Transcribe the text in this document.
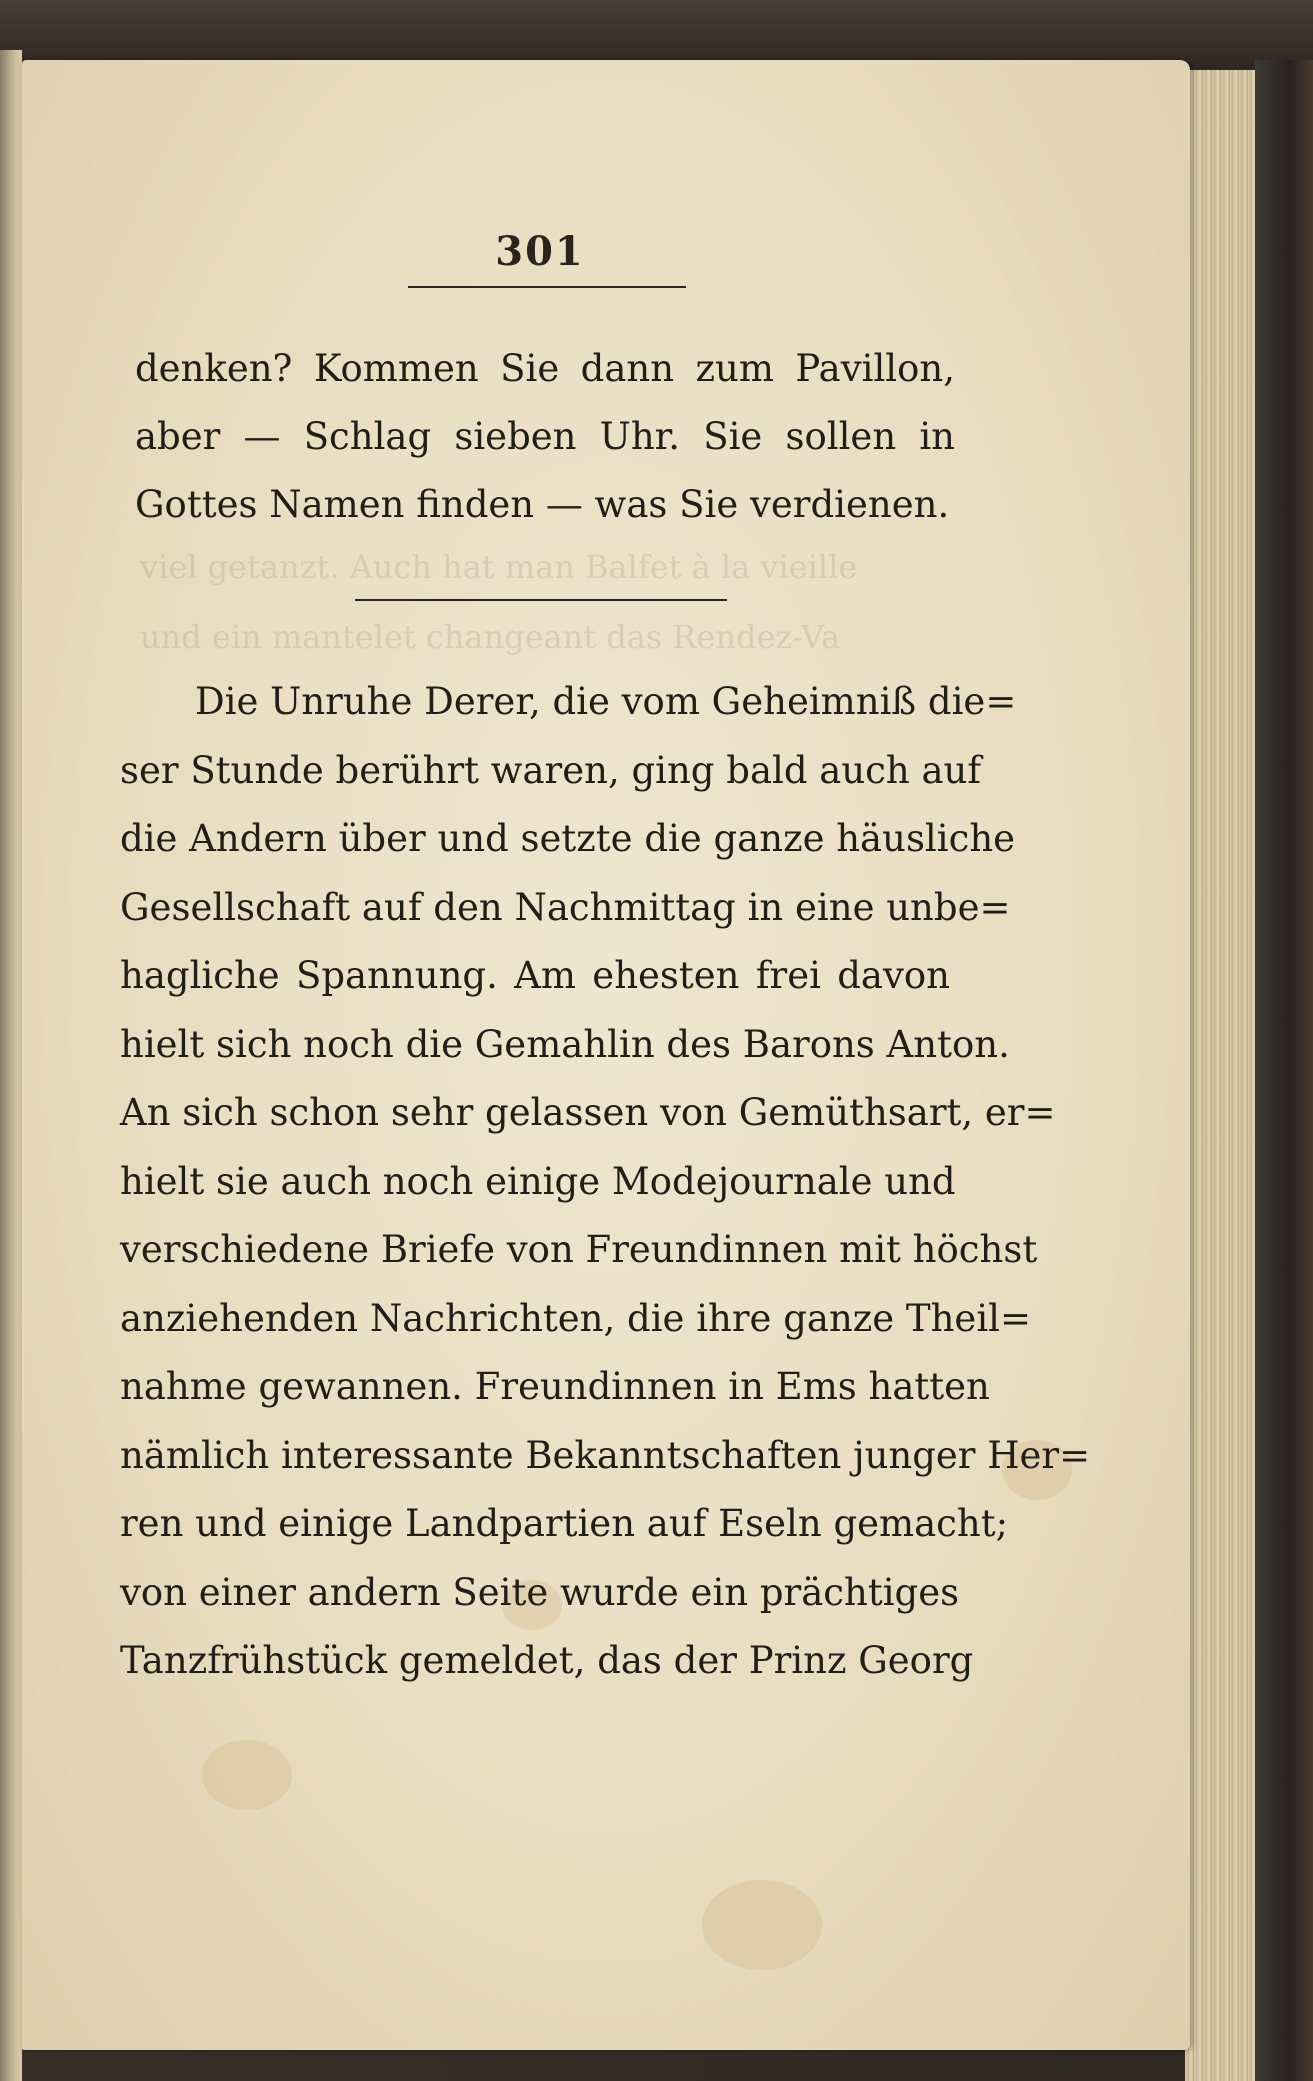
viel getanzt. Auch hat man Balfet à la vieille
und ein mantelet changeant das Rendez-Va
301
denken? Kommen Sie dann zum Pavillon,
aber — Schlag sieben Uhr. Sie sollen in
Gottes Namen finden — was Sie verdienen.
Die Unruhe Derer, die vom Geheimniß die=
ser Stunde berührt waren, ging bald auch auf
die Andern über und setzte die ganze häusliche
Gesellschaft auf den Nachmittag in eine unbe=
hagliche Spannung. Am ehesten frei davon
hielt sich noch die Gemahlin des Barons Anton.
An sich schon sehr gelassen von Gemüthsart, er=
hielt sie auch noch einige Modejournale und
verschiedene Briefe von Freundinnen mit höchst
anziehenden Nachrichten, die ihre ganze Theil=
nahme gewannen. Freundinnen in Ems hatten
nämlich interessante Bekanntschaften junger Her=
ren und einige Landpartien auf Eseln gemacht;
von einer andern Seite wurde ein prächtiges
Tanzfrühstück gemeldet, das der Prinz Georg
